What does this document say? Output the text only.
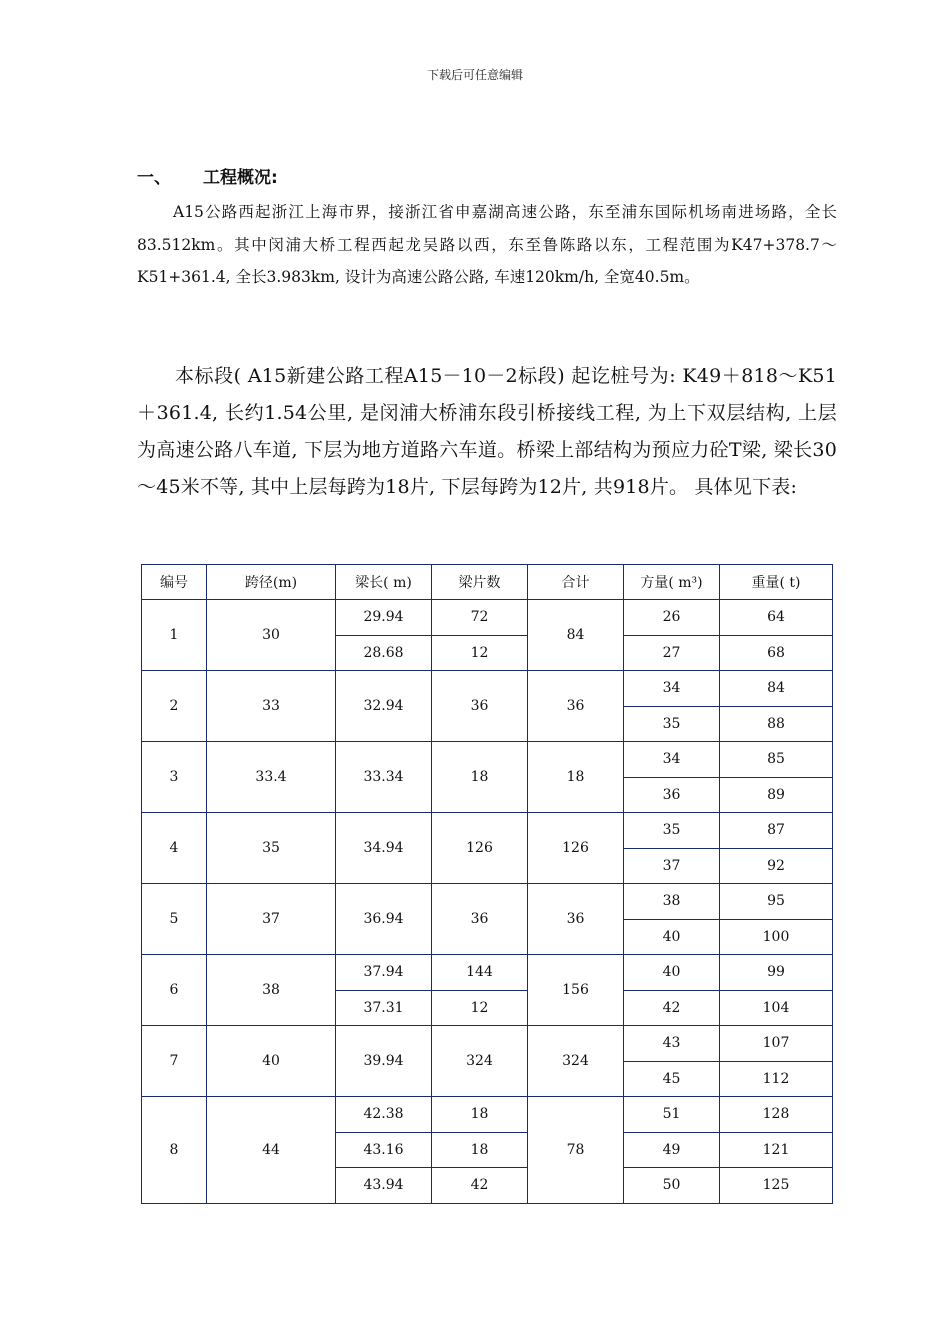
下载后可任意编辑
一、 工程概况:

A15公路西起浙江上海市界，接浙江省申嘉湖高速公路，东至浦东国际机场南进场路，全长83.512km。其中闵浦大桥工程西起龙吴路以西，东至鲁陈路以东，工程范围为K47+378.7～K51+361.4, 全长3.983km, 设计为高速公路公路, 车速120km/h, 全宽40.5m。

本标段( A15新建公路工程A15－10－2标段) 起讫桩号为: K49＋818～K51＋361.4, 长约1.54公里, 是闵浦大桥浦东段引桥接线工程, 为上下双层结构, 上层为高速公路八车道, 下层为地方道路六车道。桥梁上部结构为预应力砼T梁, 梁长30～45米不等, 其中上层每跨为18片, 下层每跨为12片, 共918片。 具体见下表:

编号	跨径(m)	梁长( m)	梁片数	合计	方量( m³)	重量( t)
1	30	29.94	72	84	26	64
		28.68	12		27	68
2	33	32.94	36	36	34	84
					35	88
3	33.4	33.34	18	18	34	85
					36	89
4	35	34.94	126	126	35	87
					37	92
5	37	36.94	36	36	38	95
					40	100
6	38	37.94	144	156	40	99
		37.31	12		42	104
7	40	39.94	324	324	43	107
					45	112
8	44	42.38	18	78	51	128
		43.16	18		49	121
		43.94	42		50	125
